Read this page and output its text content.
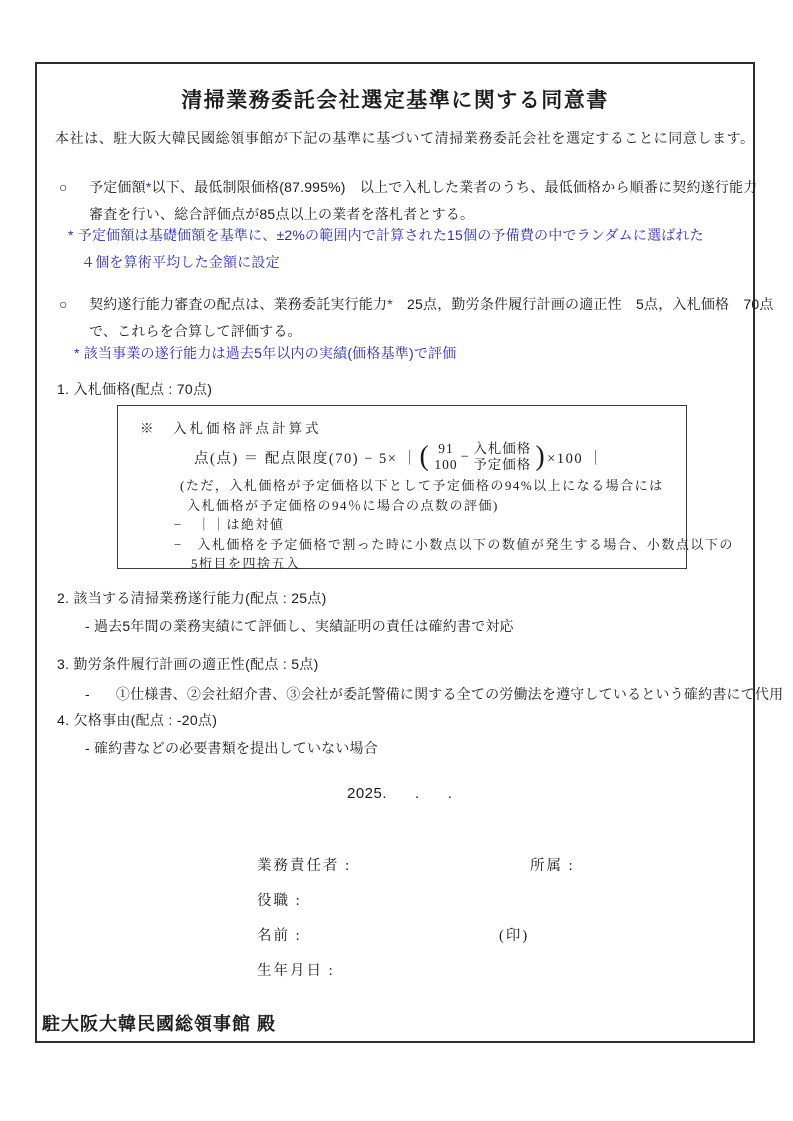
清掃業務委託会社選定基準に関する同意書
本社は、駐大阪大韓民國総領事館が下記の基準に基づいて清掃業務委託会社を選定することに同意します。
○	予定価額*以下、最低制限価格(87.995%)　以上で入札した業者のうち、最低価格から順番に契約遂行能力
審査を行い、総合評価点が85点以上の業者を落札者とする。
* 予定価額は基礎価額を基準に、±2%の範囲内で計算された15個の予備費の中でランダムに選ばれた
４個を算術平均した金額に設定
○	契約遂行能力審査の配点は、業務委託実行能力*　25点，勤労条件履行計画の適正性　5点，入札価格　70点
で、これらを合算して評価する。
* 該当事業の遂行能力は過去5年以内の実績(価格基準)で評価
1. 入札価格(配点 : 70点)
※　入札価格評点計算式
点(点) ＝ 配点限度(70) − 5× ｜ ( 91
100 − 入札価格
予定価格 ) ×100 ｜
(ただ，入札価格が予定価格以下として予定価格の94%以上になる場合には
入札価格が予定価格の94％に場合の点数の評価)
−　｜｜は絶対値
−　入札価格を予定価格で割った時に小数点以下の数値が発生する場合、小数点以下の
5桁目を四捨五入
2. 該当する清掃業務遂行能力(配点 : 25点)
- 過去5年間の業務実績にて評価し、実績証明の責任は確約書で対応
3. 勤労条件履行計画の適正性(配点 : 5点)
- ①仕様書、②会社紹介書、③会社が委託警備に関する全ての労働法を遵守しているという確約書にて代用
4. 欠格事由(配点 : -20点)
- 確約書などの必要書類を提出していない場合
2025.      .      .
業務責任者 :	所属 :
役職 :
名前 :	(印)
生年月日 :
駐大阪大韓民國総領事館 殿
